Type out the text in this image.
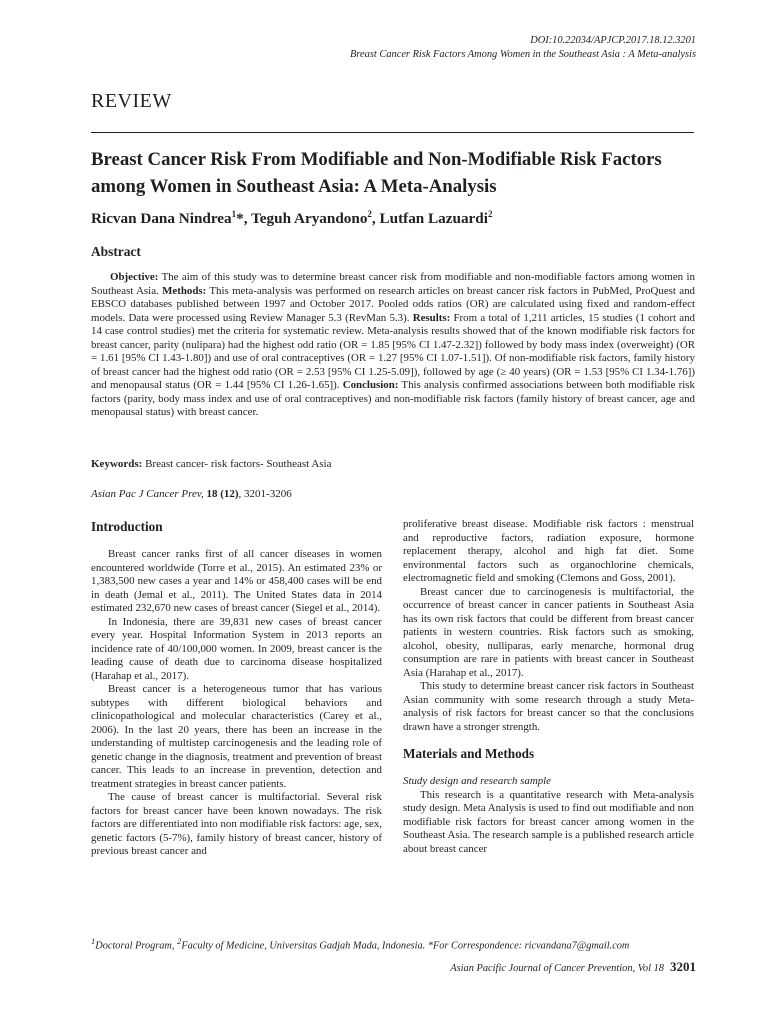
DOI:10.22034/APJCP.2017.18.12.3201
Breast Cancer Risk Factors Among Women in the Southeast Asia : A Meta-analysis
REVIEW
Breast Cancer Risk From Modifiable and Non-Modifiable Risk Factors among Women in Southeast Asia: A Meta-Analysis
Ricvan Dana Nindrea$^1$*, Teguh Aryandono$^2$, Lutfan Lazuardi$^2$
Abstract

Objective: The aim of this study was to determine breast cancer risk from modifiable and non-modifiable factors among women in Southeast Asia. Methods: This meta-analysis was performed on research articles on breast cancer risk factors in PubMed, ProQuest and EBSCO databases published between 1997 and October 2017. Pooled odds ratios (OR) are calculated using fixed and random-effect models. Data were processed using Review Manager 5.3 (RevMan 5.3). Results: From a total of 1,211 articles, 15 studies (1 cohort and 14 case control studies) met the criteria for systematic review. Meta-analysis results showed that of the known modifiable risk factors for breast cancer, parity (nulipara) had the highest odd ratio (OR = 1.85 [95% CI 1.47-2.32]) followed by body mass index (overweight) (OR = 1.61 [95% CI 1.43-1.80]) and use of oral contraceptives (OR = 1.27 [95% CI 1.07-1.51]). Of non-modifiable risk factors, family history of breast cancer had the highest odd ratio (OR = 2.53 [95% CI 1.25-5.09]), followed by age (≥ 40 years) (OR = 1.53 [95% CI 1.34-1.76]) and menopausal status (OR = 1.44 [95% CI 1.26-1.65]). Conclusion: This analysis confirmed associations between both modifiable risk factors (parity, body mass index and use of oral contraceptives) and non-modifiable risk factors (family history of breast cancer, age and menopausal status) with breast cancer.

Keywords: Breast cancer- risk factors- Southeast Asia
Asian Pac J Cancer Prev, 18 (12), 3201-3206
Introduction

Breast cancer ranks first of all cancer diseases in women encountered worldwide (Torre et al., 2015). An estimated 23% or 1,383,500 new cases a year and 14% or 458,400 cases will be end in death (Jemal et al., 2011). The United States data in 2014 estimated 232,670 new cases of breast cancer (Siegel et al., 2014).

In Indonesia, there are 39,831 new cases of breast cancer every year. Hospital Information System in 2013 reports an incidence rate of 40/100,000 women. In 2009, breast cancer is the leading cause of death due to carcinoma disease hospitalized (Harahap et al., 2017).

Breast cancer is a heterogeneous tumor that has various subtypes with different biological behaviors and clinicopathological and molecular characteristics (Carey et al., 2006). In the last 20 years, there has been an increase in the understanding of multistep carcinogenesis and the leading role of genetic change in the diagnosis, treatment and prevention of breast cancer. This leads to an increase in prevention, detection and treatment strategies in breast cancer patients.

The cause of breast cancer is multifactorial. Several risk factors for breast cancer have been known nowadays. The risk factors are differentiated into non modifiable risk factors: age, sex, genetic factors (5-7%), family history of breast cancer, history of previous breast cancer and

proliferative breast disease. Modifiable risk factors : menstrual and reproductive factors, radiation exposure, hormone replacement therapy, alcohol and high fat diet. Some environmental factors such as organochlorine chemicals, electromagnetic field and smoking (Clemons and Goss, 2001).

Breast cancer due to carcinogenesis is multifactorial, the occurrence of breast cancer in cancer patients in Southeast Asia has its own risk factors that could be different from breast cancer patients in western countries. Risk factors such as smoking, alcohol, obesity, nulliparas, early menarche, hormonal drug consumption are rare in patients with breast cancer in Southeast Asia (Harahap et al., 2017).

This study to determine breast cancer risk factors in Southeast Asian community with some research through a study Meta-analysis of risk factors for breast cancer so that the conclusions drawn have a stronger strength.

Materials and Methods

Study design and research sample

This research is a quantitative research with Meta-analysis study design. Meta Analysis is used to find out modifiable and non modifiable risk factors for breast cancer among women in the Southeast Asia. The research sample is a published research article about breast cancer

$^1$Doctoral Program, $^2$Faculty of Medicine, Universitas Gadjah Mada, Indonesia. *For Correspondence: ricvandana7@gmail.com
Asian Pacific Journal of Cancer Prevention, Vol 18 3201
